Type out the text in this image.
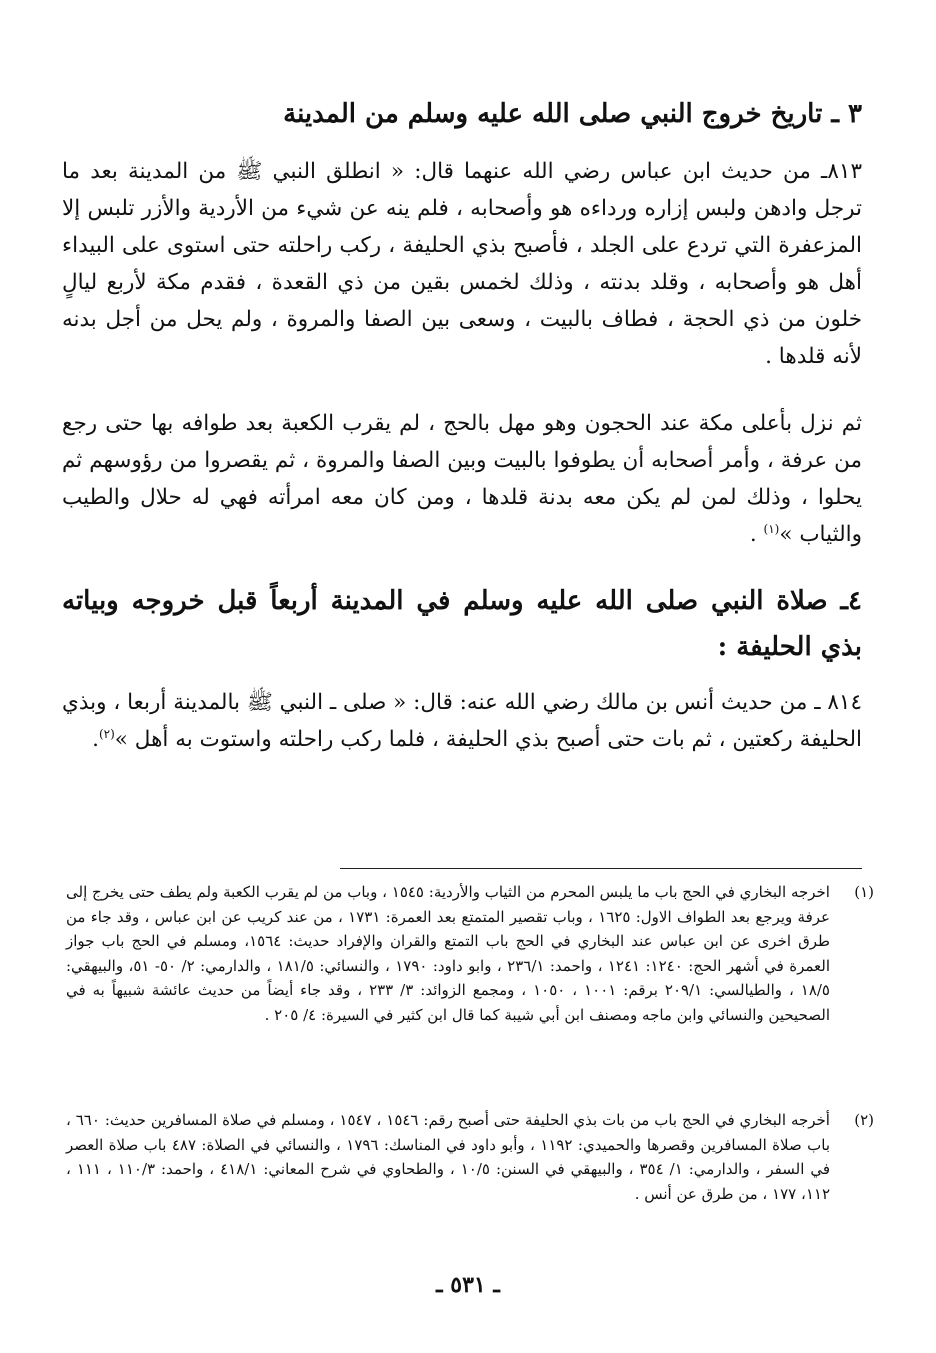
٣ ـ تاريخ خروج النبي صلى الله عليه وسلم من المدينة

٨١٣ـ من حديث ابن عباس رضي الله عنهما قال: « انطلق النبي ﷺ من المدينة بعد ما ترجل وادهن ولبس إزاره ورداءه هو وأصحابه ، فلم ينه عن شيء من الأردية والأزر تلبس إلا المزعفرة التي تردع على الجلد ، فأصبح بذي الحليفة ، ركب راحلته حتى استوى على البيداء أهل هو وأصحابه ، وقلد بدنته ، وذلك لخمس بقين من ذي القعدة ، فقدم مكة لأربع ليالٍ خلون من ذي الحجة ، فطاف بالبيت ، وسعى بين الصفا والمروة ، ولم يحل من أجل بدنه لأنه قلدها .

ثم نزل بأعلى مكة عند الحجون وهو مهل بالحج ، لم يقرب الكعبة بعد طوافه بها حتى رجع من عرفة ، وأمر أصحابه أن يطوفوا بالبيت وبين الصفا والمروة ، ثم يقصروا من رؤوسهم ثم يحلوا ، وذلك لمن لم يكن معه بدنة قلدها ، ومن كان معه امرأته فهي له حلال والطيب والثياب »$^{(١)}$ .

٤ـ صلاة النبي صلى الله عليه وسلم في المدينة أربعاً قبل خروجه وبياته بذي الحليفة :

٨١٤ ـ من حديث أنس بن مالك رضي الله عنه: قال: « صلى ـ النبي ﷺ بالمدينة أربعا ، وبذي الحليفة ركعتين ، ثم بات حتى أصبح بذي الحليفة ، فلما ركب راحلته واستوت به أهل »$^{(٢)}$.

(١)
اخرجه البخاري في الحج باب ما يلبس المحرم من الثياب والأردية: ١٥٤٥ ، وباب من لم يقرب الكعبة ولم يطف حتى يخرج إلى عرفة ويرجع بعد الطواف الاول: ١٦٢٥ ، وباب تقصير المتمتع بعد العمرة: ١٧٣١ ، من عند كريب عن ابن عباس ، وقد جاء من طرق اخرى عن ابن عباس عند البخاري في الحج باب التمتع والقران والإفراد حديث: ١٥٦٤، ومسلم في الحج باب جواز العمرة في أشهر الحج: ١٢٤٠: ١٢٤١ ، واحمد: ٢٣٦/١ ، وابو داود: ١٧٩٠ ، والنسائي: ١٨١/٥ ، والدارمي: ٢/ ٥٠- ٥١، والبيهقي: ١٨/٥ ، والطيالسي: ٢٠٩/١ برقم: ١٠٠١ ، ١٠٥٠ ، ومجمع الزوائد: ٣/ ٢٣٣ ، وقد جاء أيضاً من حديث عائشة شبيهاً به في الصحيحين والنسائي وابن ماجه ومصنف ابن أبي شيبة كما قال ابن كثير في السيرة: ٤/ ٢٠٥ .

(٢)
أخرجه البخاري في الحج باب من بات بذي الحليفة حتى أصبح رقم: ١٥٤٦ ، ١٥٤٧ ، ومسلم في صلاة المسافرين حديث: ٦٦٠ ، باب صلاة المسافرين وقصرها والحميدي: ١١٩٢ ، وأبو داود في المناسك: ١٧٩٦ ، والنسائي في الصلاة: ٤٨٧ باب صلاة العصر في السفر ، والدارمي: ١/ ٣٥٤ ، والبيهقي في السنن: ١٠/٥ ، والطحاوي في شرح المعاني: ٤١٨/١ ، واحمد: ١١٠/٣ ، ١١١ ، ١١٢، ١٧٧ ، من طرق عن أنس .

ـ ٥٣١ ـ
